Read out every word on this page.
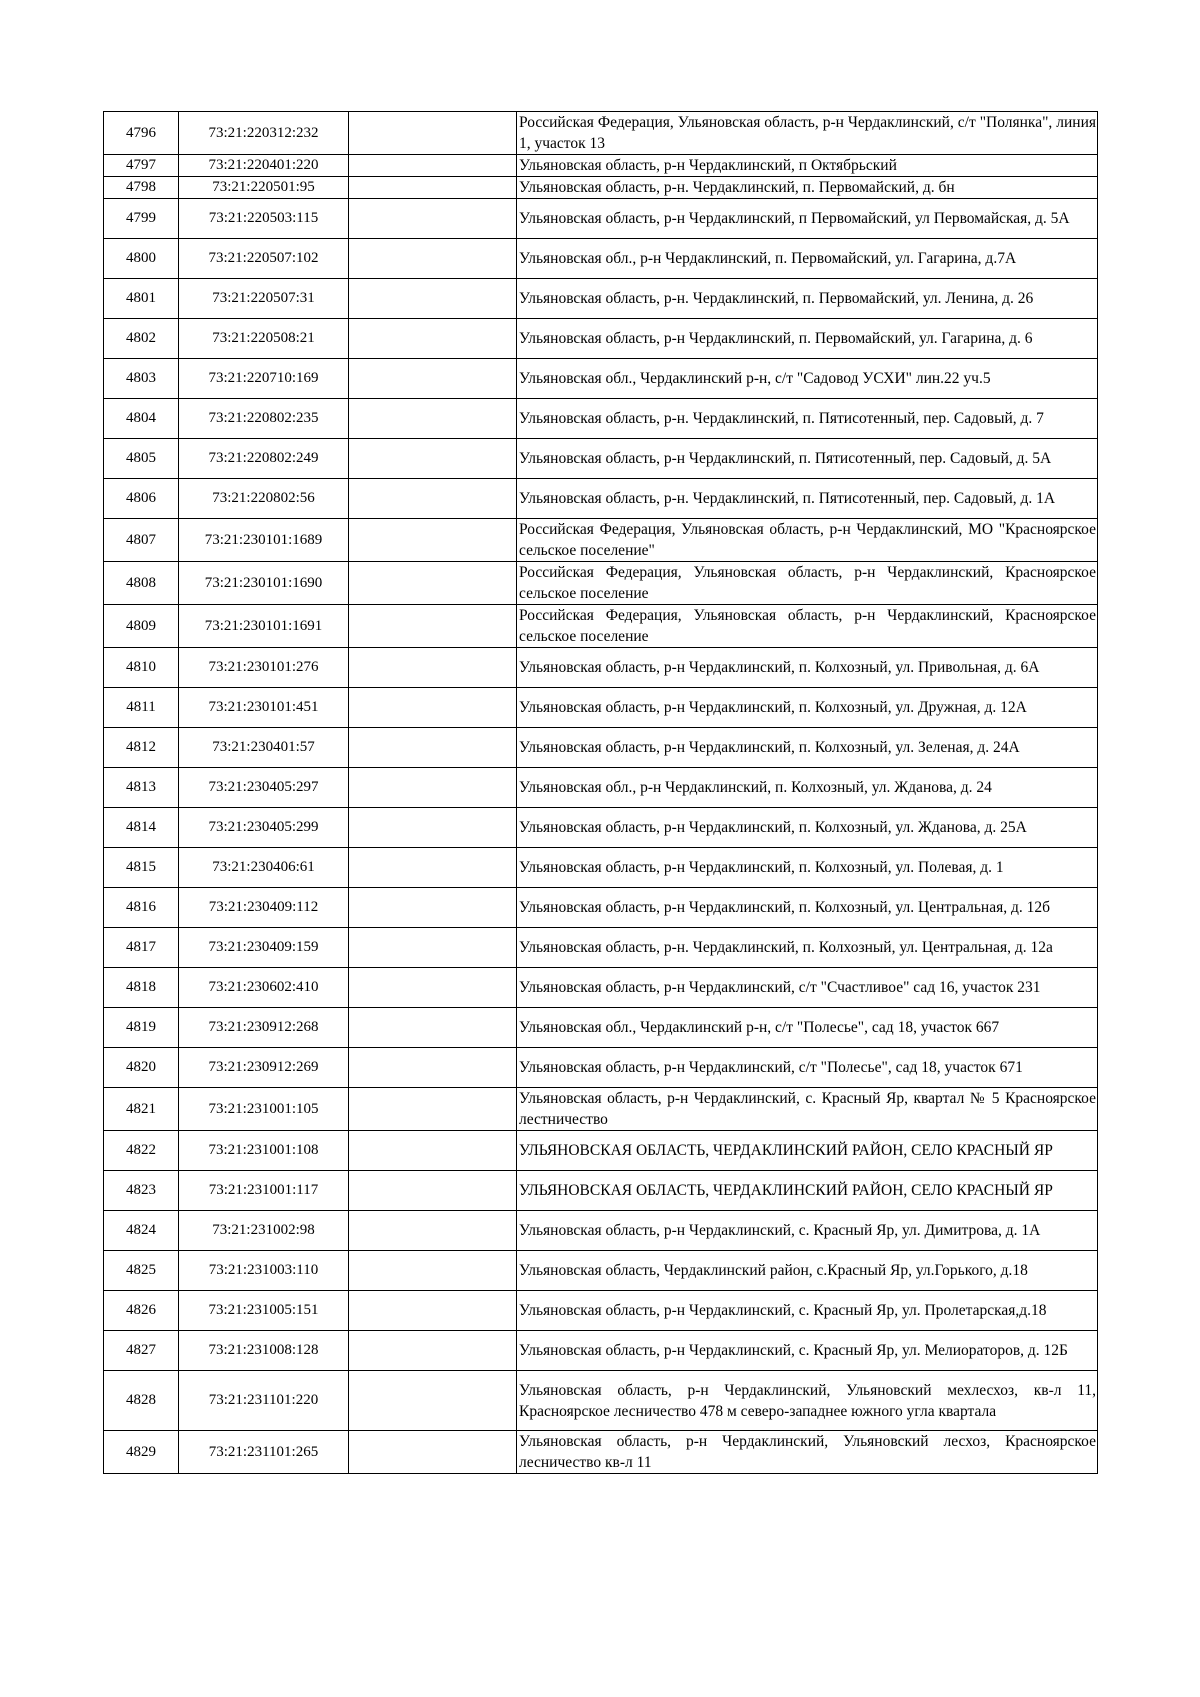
4796	73:21:220312:232		Российская Федерация, Ульяновская область, р-н Чердаклинский, с/т "Полянка", линия 1, участок 13
4797	73:21:220401:220		Ульяновская область, р-н Чердаклинский, п Октябрьский
4798	73:21:220501:95		Ульяновская область, р-н. Чердаклинский, п. Первомайский, д. бн
4799	73:21:220503:115		Ульяновская область, р-н Чердаклинский, п Первомайский, ул Первомайская, д. 5А
4800	73:21:220507:102		Ульяновская обл., р-н Чердаклинский, п. Первомайский, ул. Гагарина, д.7А
4801	73:21:220507:31		Ульяновская область, р-н. Чердаклинский, п. Первомайский, ул. Ленина, д. 26
4802	73:21:220508:21		Ульяновская область, р-н Чердаклинский, п. Первомайский, ул. Гагарина, д. 6
4803	73:21:220710:169		Ульяновская обл., Чердаклинский р-н, с/т "Садовод УСХИ" лин.22 уч.5
4804	73:21:220802:235		Ульяновская область, р-н. Чердаклинский, п. Пятисотенный, пер. Садовый, д. 7
4805	73:21:220802:249		Ульяновская область, р-н Чердаклинский, п. Пятисотенный, пер. Садовый, д. 5А
4806	73:21:220802:56		Ульяновская область, р-н. Чердаклинский, п. Пятисотенный, пер. Садовый, д. 1А
4807	73:21:230101:1689		Российская Федерация, Ульяновская область, р-н Чердаклинский, МО "Красноярское сельское поселение"
4808	73:21:230101:1690		Российская Федерация, Ульяновская область, р-н Чердаклинский, Красноярское сельское поселение
4809	73:21:230101:1691		Российская Федерация, Ульяновская область, р-н Чердаклинский, Красноярское сельское поселение
4810	73:21:230101:276		Ульяновская область, р-н Чердаклинский, п. Колхозный, ул. Привольная, д. 6А
4811	73:21:230101:451		Ульяновская область, р-н Чердаклинский, п. Колхозный, ул. Дружная, д. 12А
4812	73:21:230401:57		Ульяновская область, р-н Чердаклинский, п. Колхозный, ул. Зеленая, д. 24А
4813	73:21:230405:297		Ульяновская обл., р-н Чердаклинский, п. Колхозный, ул. Жданова, д. 24
4814	73:21:230405:299		Ульяновская область, р-н Чердаклинский, п. Колхозный, ул. Жданова, д. 25А
4815	73:21:230406:61		Ульяновская область, р-н Чердаклинский, п. Колхозный, ул. Полевая, д. 1
4816	73:21:230409:112		Ульяновская область, р-н Чердаклинский, п. Колхозный, ул. Центральная, д. 12б
4817	73:21:230409:159		Ульяновская область, р-н. Чердаклинский, п. Колхозный, ул. Центральная, д. 12а
4818	73:21:230602:410		Ульяновская область, р-н Чердаклинский, с/т "Счастливое" сад 16, участок 231
4819	73:21:230912:268		Ульяновская обл., Чердаклинский р-н, с/т "Полесье", сад 18, участок 667
4820	73:21:230912:269		Ульяновская область, р-н Чердаклинский, с/т "Полесье", сад 18, участок 671
4821	73:21:231001:105		Ульяновская область, р-н Чердаклинский, с. Красный Яр, квартал № 5 Красноярское лестничество
4822	73:21:231001:108		УЛЬЯНОВСКАЯ ОБЛАСТЬ, ЧЕРДАКЛИНСКИЙ РАЙОН, СЕЛО КРАСНЫЙ ЯР
4823	73:21:231001:117		УЛЬЯНОВСКАЯ ОБЛАСТЬ, ЧЕРДАКЛИНСКИЙ РАЙОН, СЕЛО КРАСНЫЙ ЯР
4824	73:21:231002:98		Ульяновская область, р-н Чердаклинский, с. Красный Яр, ул. Димитрова, д. 1А
4825	73:21:231003:110		Ульяновская область, Чердаклинский район, с.Красный Яр, ул.Горького, д.18
4826	73:21:231005:151		Ульяновская область, р-н Чердаклинский, с. Красный Яр, ул. Пролетарская,д.18
4827	73:21:231008:128		Ульяновская область, р-н Чердаклинский, с. Красный Яр, ул. Мелиораторов, д. 12Б
4828	73:21:231101:220		Ульяновская область, р-н Чердаклинский, Ульяновский мехлесхоз, кв-л 11, Красноярское лесничество 478 м северо-западнее южного угла квартала
4829	73:21:231101:265		Ульяновская область, р-н Чердаклинский, Ульяновский лесхоз, Красноярское лесничество кв-л 11
